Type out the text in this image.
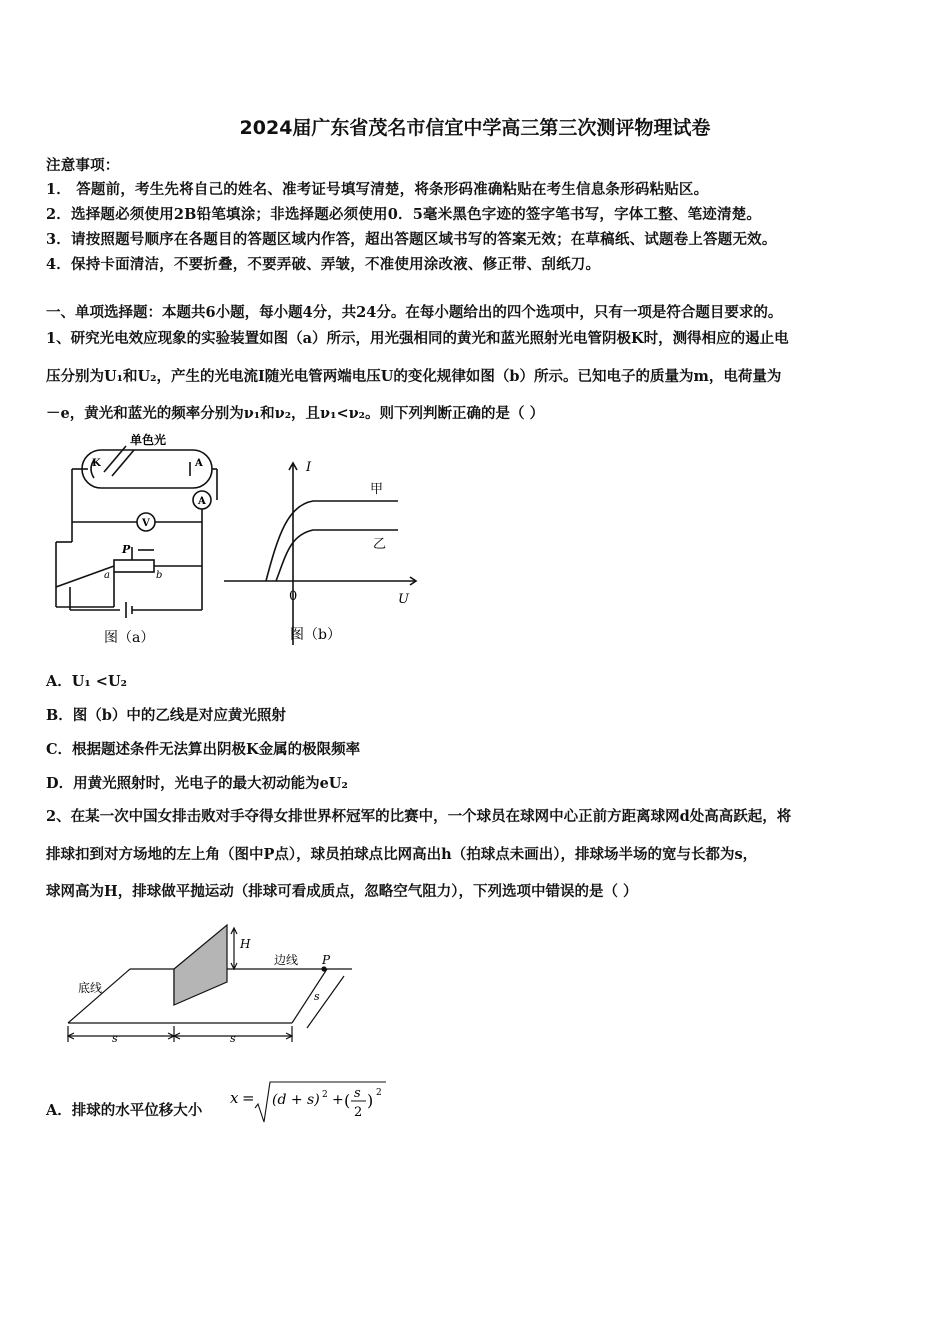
2024届广东省茂名市信宜中学高三第三次测评物理试卷
注意事项：
1． 答题前，考生先将自己的姓名、准考证号填写清楚，将条形码准确粘贴在考生信息条形码粘贴区。
2．选择题必须使用2B铅笔填涂；非选择题必须使用0．5毫米黑色字迹的签字笔书写，字体工整、笔迹清楚。
3．请按照题号顺序在各题目的答题区域内作答，超出答题区域书写的答案无效；在草稿纸、试题卷上答题无效。
4．保持卡面清洁，不要折叠，不要弄破、弄皱，不准使用涂改液、修正带、刮纸刀。
一、单项选择题：本题共6小题，每小题4分，共24分。在每小题给出的四个选项中，只有一项是符合题目要求的。
1、研究光电效应现象的实验装置如图（a）所示，用光强相同的黄光和蓝光照射光电管阴极K时，测得相应的遏止电
压分别为U₁和U₂，产生的光电流I随光电管两端电压U的变化规律如图（b）所示。已知电子的质量为m，电荷量为
－e，黄光和蓝光的频率分别为ν₁和ν₂，且ν₁<ν₂。则下列判断正确的是（ ）
单色光
K	A
A
V
P
a	b
图（a）
I
U
0
甲
乙
图（b）
A．U₁ <U₂
B．图（b）中的乙线是对应黄光照射
C．根据题述条件无法算出阴极K金属的极限频率
D．用黄光照射时，光电子的最大初动能为eU₂
2、在某一次中国女排击败对手夺得女排世界杯冠军的比赛中，一个球员在球网中心正前方距离球网d处高高跃起，将
排球扣到对方场地的左上角（图中P点），球员拍球点比网高出h（拍球点未画出），排球场半场的宽与长都为s，
球网高为H，排球做平抛运动（排球可看成质点，忽略空气阻力），下列选项中错误的是（ ）
H
边线 P
底线
s	s
s
A．排球的水平位移大小
x = (d + s) 2 + ( s
2
) 2
